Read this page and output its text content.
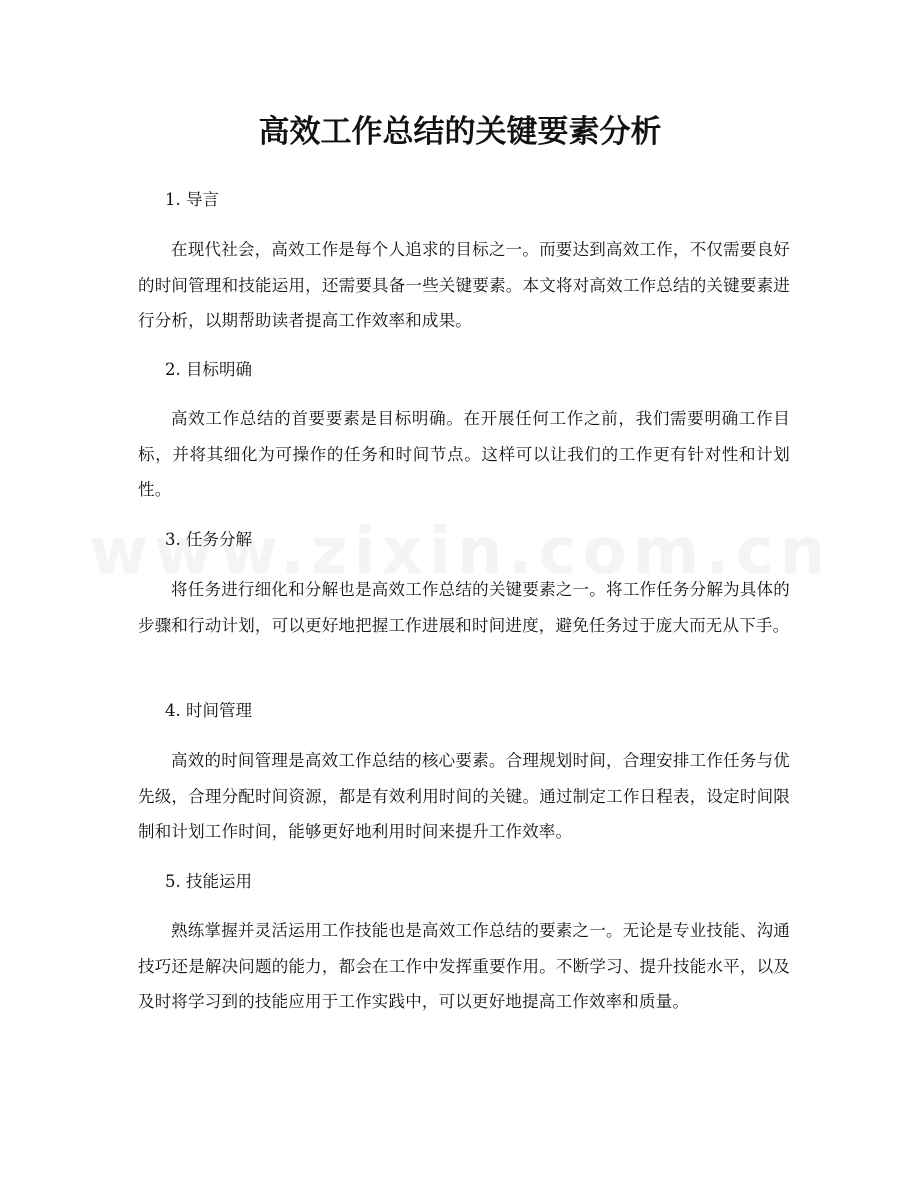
高效工作总结的关键要素分析
1. 导言

在现代社会，高效工作是每个人追求的目标之一。而要达到高效工作，不仅需要良好的时间管理和技能运用，还需要具备一些关键要素。本文将对高效工作总结的关键要素进行分析，以期帮助读者提高工作效率和成果。

2. 目标明确

高效工作总结的首要要素是目标明确。在开展任何工作之前，我们需要明确工作目标，并将其细化为可操作的任务和时间节点。这样可以让我们的工作更有针对性和计划性。

3. 任务分解

将任务进行细化和分解也是高效工作总结的关键要素之一。将工作任务分解为具体的步骤和行动计划，可以更好地把握工作进展和时间进度，避免任务过于庞大而无从下手。

4. 时间管理

高效的时间管理是高效工作总结的核心要素。合理规划时间，合理安排工作任务与优先级，合理分配时间资源，都是有效利用时间的关键。通过制定工作日程表，设定时间限制和计划工作时间，能够更好地利用时间来提升工作效率。

5. 技能运用

熟练掌握并灵活运用工作技能也是高效工作总结的要素之一。无论是专业技能、沟通技巧还是解决问题的能力，都会在工作中发挥重要作用。不断学习、提升技能水平，以及及时将学习到的技能应用于工作实践中，可以更好地提高工作效率和质量。
